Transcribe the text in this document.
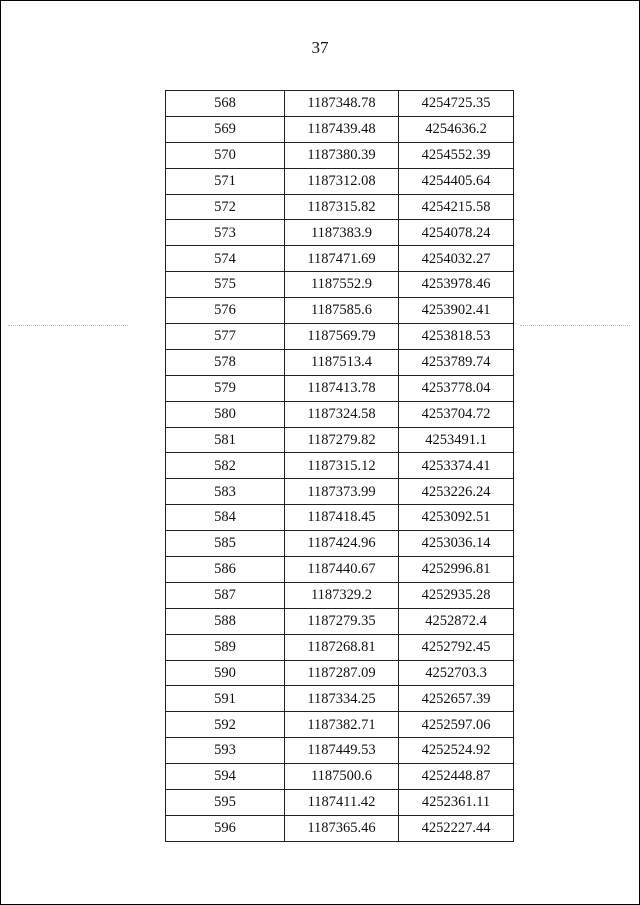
37
568	1187348.78	4254725.35
569	1187439.48	4254636.2
570	1187380.39	4254552.39
571	1187312.08	4254405.64
572	1187315.82	4254215.58
573	1187383.9	4254078.24
574	1187471.69	4254032.27
575	1187552.9	4253978.46
576	1187585.6	4253902.41
577	1187569.79	4253818.53
578	1187513.4	4253789.74
579	1187413.78	4253778.04
580	1187324.58	4253704.72
581	1187279.82	4253491.1
582	1187315.12	4253374.41
583	1187373.99	4253226.24
584	1187418.45	4253092.51
585	1187424.96	4253036.14
586	1187440.67	4252996.81
587	1187329.2	4252935.28
588	1187279.35	4252872.4
589	1187268.81	4252792.45
590	1187287.09	4252703.3
591	1187334.25	4252657.39
592	1187382.71	4252597.06
593	1187449.53	4252524.92
594	1187500.6	4252448.87
595	1187411.42	4252361.11
596	1187365.46	4252227.44
